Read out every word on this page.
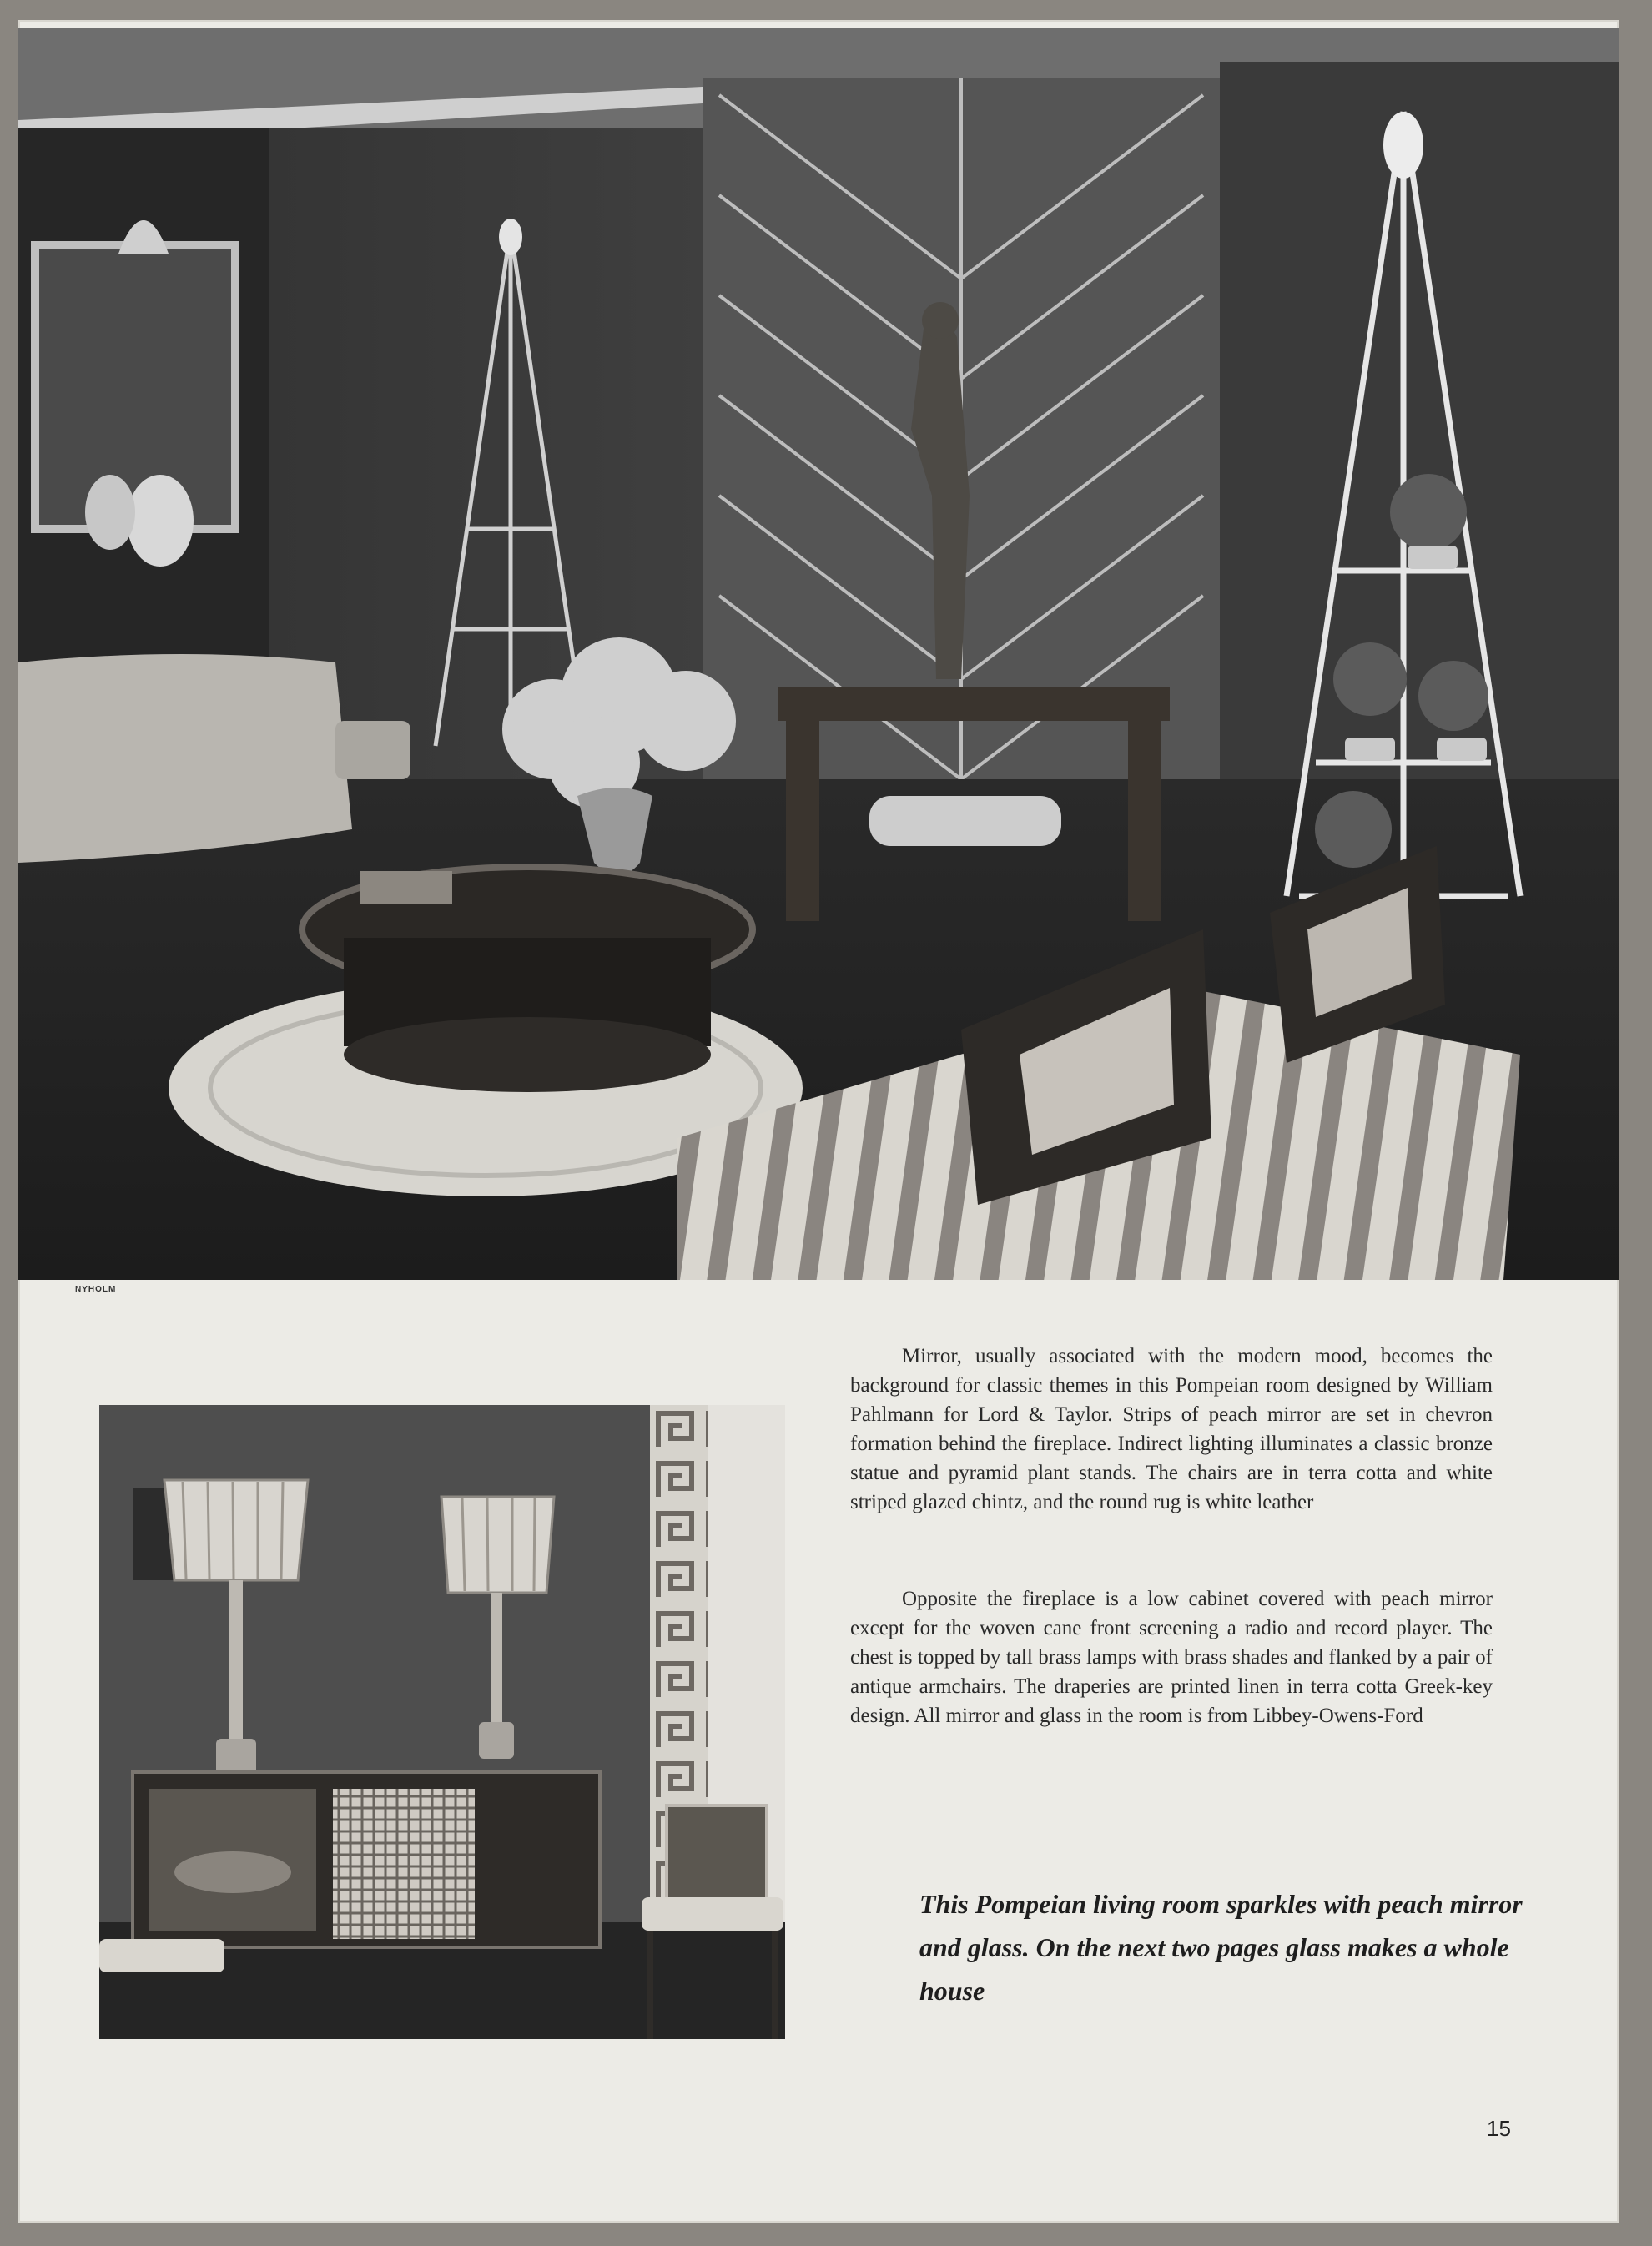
NYHOLM
Mirror, usually associated with the modern mood, becomes the background for classic themes in this Pompeian room designed by William Pahlmann for Lord & Taylor. Strips of peach mirror are set in chevron formation behind the fireplace. Indirect lighting illuminates a classic bronze statue and pyramid plant stands. The chairs are in terra cotta and white striped glazed chintz, and the round rug is white leather
Opposite the fireplace is a low cabinet covered with peach mirror except for the woven cane front screening a radio and record player. The chest is topped by tall brass lamps with brass shades and flanked by a pair of antique armchairs. The draperies are printed linen in terra cotta Greek-key design. All mirror and glass in the room is from Libbey-Owens-Ford
This Pompeian living room sparkles with peach mirror and glass. On the next two pages glass makes a whole house
15
